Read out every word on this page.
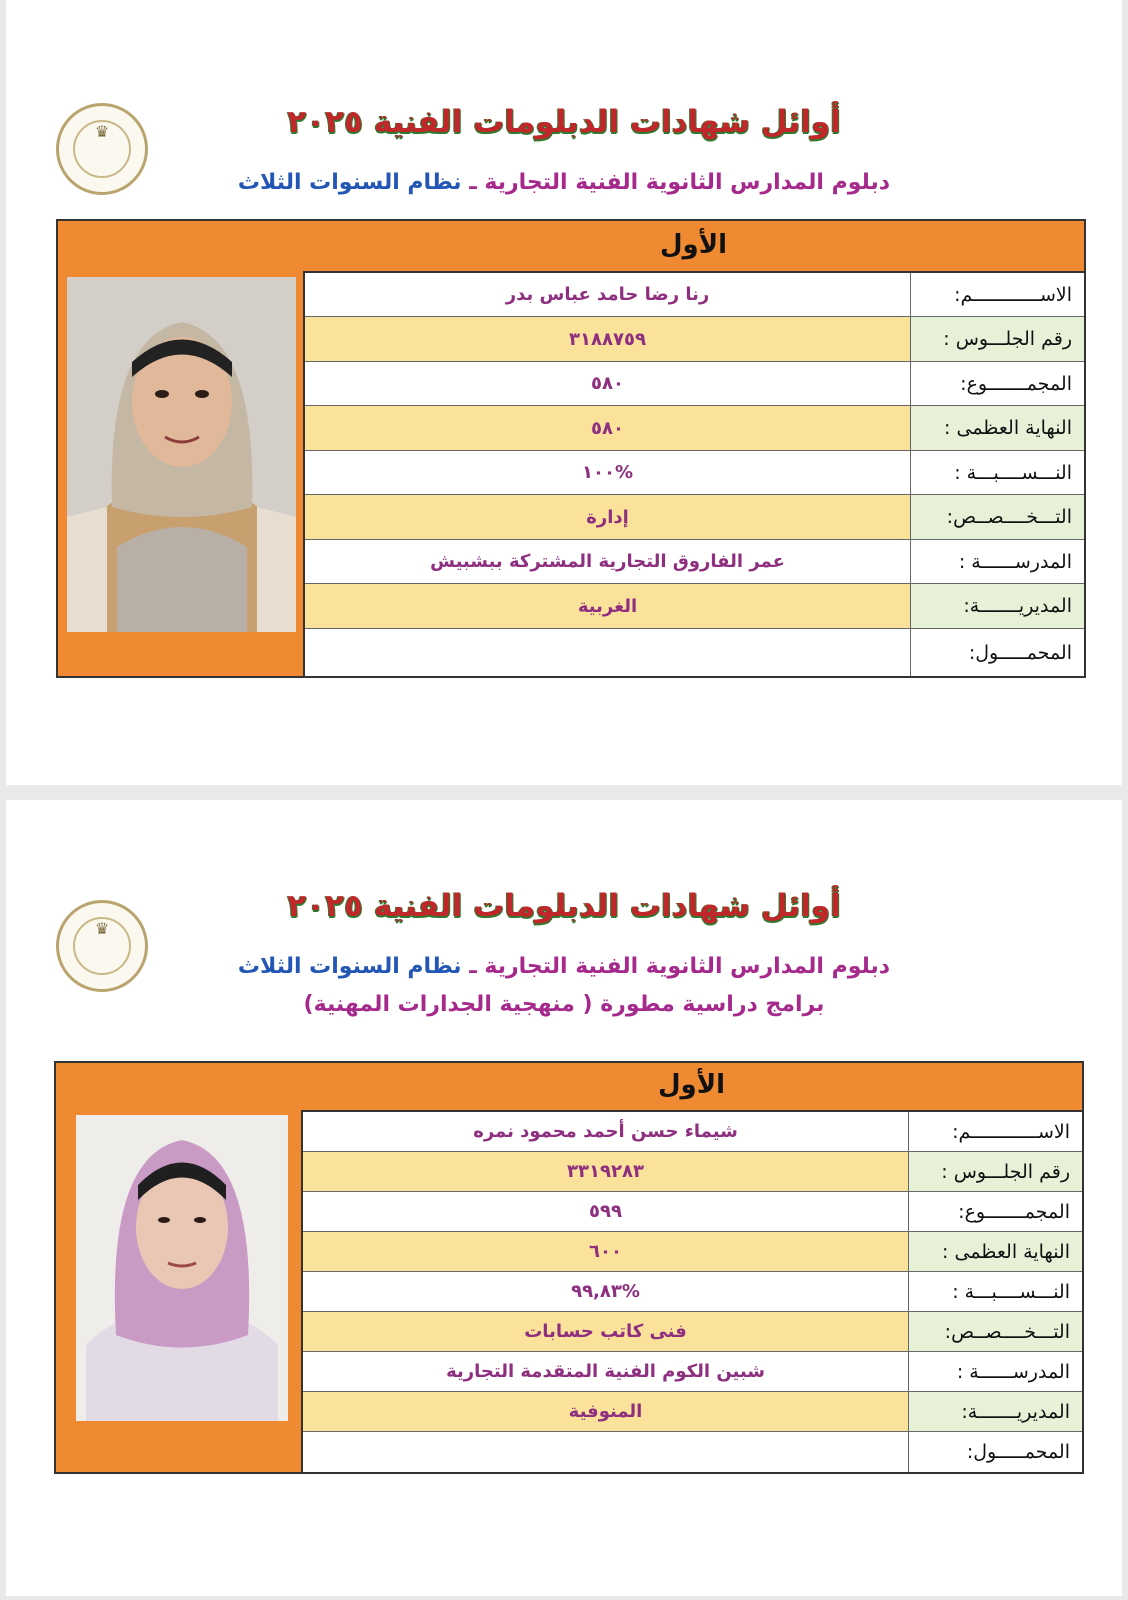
♛	أوائل شهادات الدبلومات الفنية ٢٠٢٥
دبلوم المدارس الثانوية الفنية التجارية ـ نظام السنوات الثلاث
الأول
رنا رضا حامد عباس بدر	الاســــــــــــم:
٣١٨٨٧٥٩	رقم الجلـــوس :
٥٨٠	المجمـــــــوع:
٥٨٠	النهاية العظمى :
%١٠٠	النـــســــبـــة :
إدارة	التـــخــــصــص:
عمر الفاروق التجارية المشتركة ببشبيش	المدرســــــة :
الغربية	المديريـــــــة:
المحمـــــول:
♛
أوائل شهادات الدبلومات الفنية ٢٠٢٥
دبلوم المدارس الثانوية الفنية التجارية ـ نظام السنوات الثلاث
برامج دراسية مطورة ( منهجية الجدارات المهنية)
الأول
شيماء حسن أحمد محمود نمره	الاســــــــــــم:
٣٣١٩٢٨٣	رقم الجلـــوس :
٥٩٩	المجمـــــــوع:
٦٠٠	النهاية العظمى :
%٩٩,٨٣	النـــســــبـــة :
فنى كاتب حسابات	التـــخــــصــص:
شبين الكوم الفنية المتقدمة التجارية	المدرســــــة :
المنوفية	المديريـــــــة:
المحمـــــول:
